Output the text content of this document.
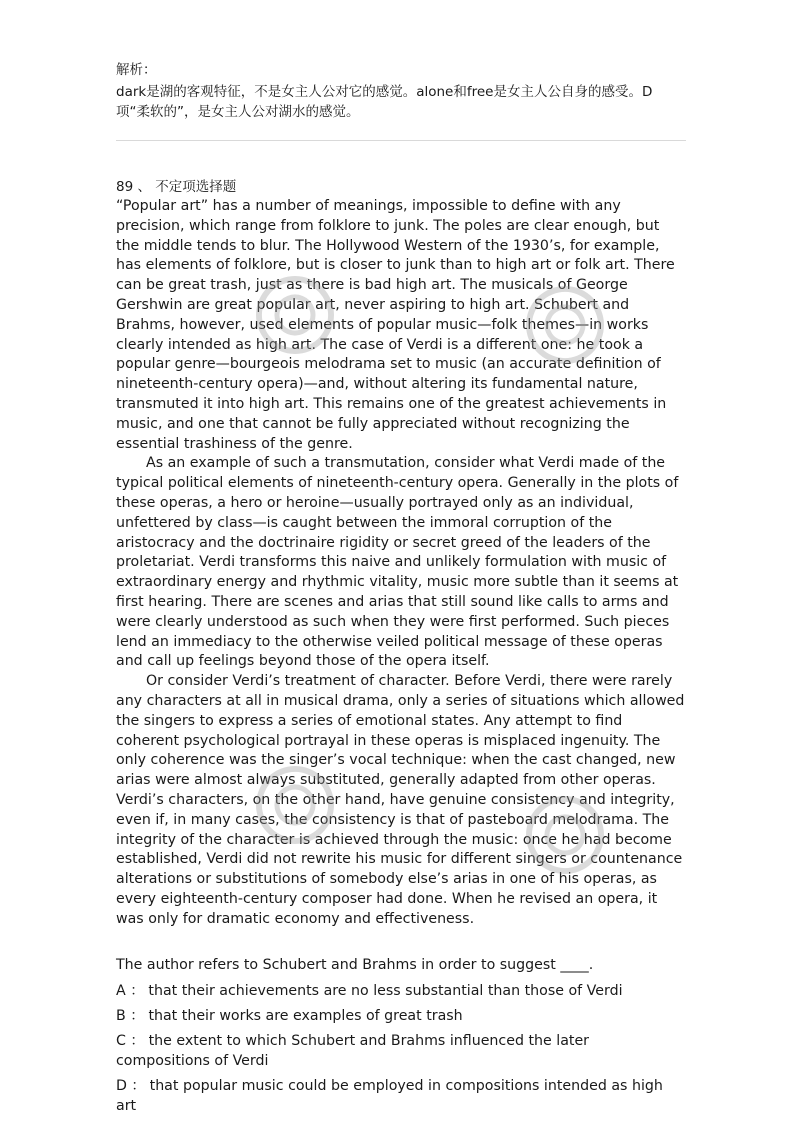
解析：

dark是湖的客观特征，不是女主人公对它的感觉。alone和free是女主人公自身的感受。D项“柔软的”，是女主人公对湖水的感觉。

89 、 不定项选择题

“Popular art” has a number of meanings, impossible to define with any precision, which range from folklore to junk. The poles are clear enough, but the middle tends to blur. The Hollywood Western of the 1930’s, for example, has elements of folklore, but is closer to junk than to high art or folk art. There can be great trash, just as there is bad high art. The musicals of George Gershwin are great popular art, never aspiring to high art. Schubert and Brahms, however, used elements of popular music—folk themes—in works clearly intended as high art. The case of Verdi is a different one: he took a popular genre—bourgeois melodrama set to music (an accurate definition of nineteenth-century opera)—and, without altering its fundamental nature, transmuted it into high art. This remains one of the greatest achievements in music, and one that cannot be fully appreciated without recognizing the essential trashiness of the genre.

As an example of such a transmutation, consider what Verdi made of the typical political elements of nineteenth-century opera. Generally in the plots of these operas, a hero or heroine—usually portrayed only as an individual, unfettered by class—is caught between the immoral corruption of the aristocracy and the doctrinaire rigidity or secret greed of the leaders of the proletariat. Verdi transforms this naive and unlikely formulation with music of extraordinary energy and rhythmic vitality, music more subtle than it seems at first hearing. There are scenes and arias that still sound like calls to arms and were clearly understood as such when they were first performed. Such pieces lend an immediacy to the otherwise veiled political message of these operas and call up feelings beyond those of the opera itself.

Or consider Verdi’s treatment of character. Before Verdi, there were rarely any characters at all in musical drama, only a series of situations which allowed the singers to express a series of emotional states. Any attempt to find coherent psychological portrayal in these operas is misplaced ingenuity. The only coherence was the singer’s vocal technique: when the cast changed, new arias were almost always substituted, generally adapted from other operas. Verdi’s characters, on the other hand, have genuine consistency and integrity, even if, in many cases, the consistency is that of pasteboard melodrama. The integrity of the character is achieved through the music: once he had become established, Verdi did not rewrite his music for different singers or countenance alterations or substitutions of somebody else’s arias in one of his operas, as every eighteenth-century composer had done. When he revised an opera, it was only for dramatic economy and effectiveness.

The author refers to Schubert and Brahms in order to suggest ____.

A ： that their achievements are no less substantial than those of Verdi
B ： that their works are examples of great trash
C ： the extent to which Schubert and Brahms influenced the later compositions of Verdi
D ： that popular music could be employed in compositions intended as high art
